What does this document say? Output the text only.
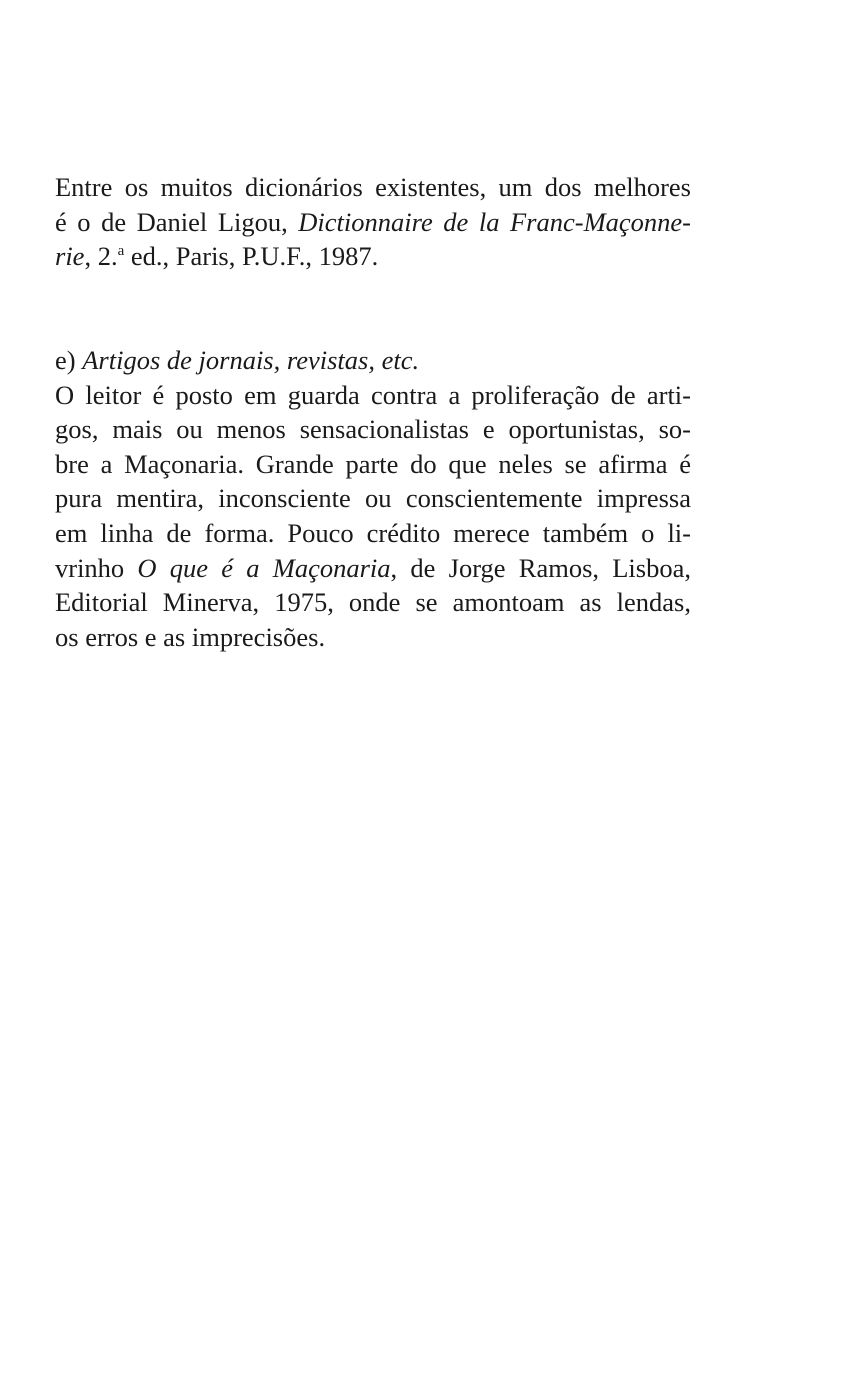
Entre os muitos dicionários existentes, um dos melhores
é o de Daniel Ligou, Dictionnaire de la Franc-Maçonne-
rie, 2.$^a$ ed., Paris, P.U.F., 1987.
e) Artigos de jornais, revistas, etc.
O leitor é posto em guarda contra a proliferação de arti-
gos, mais ou menos sensacionalistas e oportunistas, so-
bre a Maçonaria. Grande parte do que neles se afirma é
pura mentira, inconsciente ou conscientemente impressa
em linha de forma. Pouco crédito merece também o li-
vrinho O que é a Maçonaria, de Jorge Ramos, Lisboa,
Editorial Minerva, 1975, onde se amontoam as lendas,
os erros e as imprecisões.
